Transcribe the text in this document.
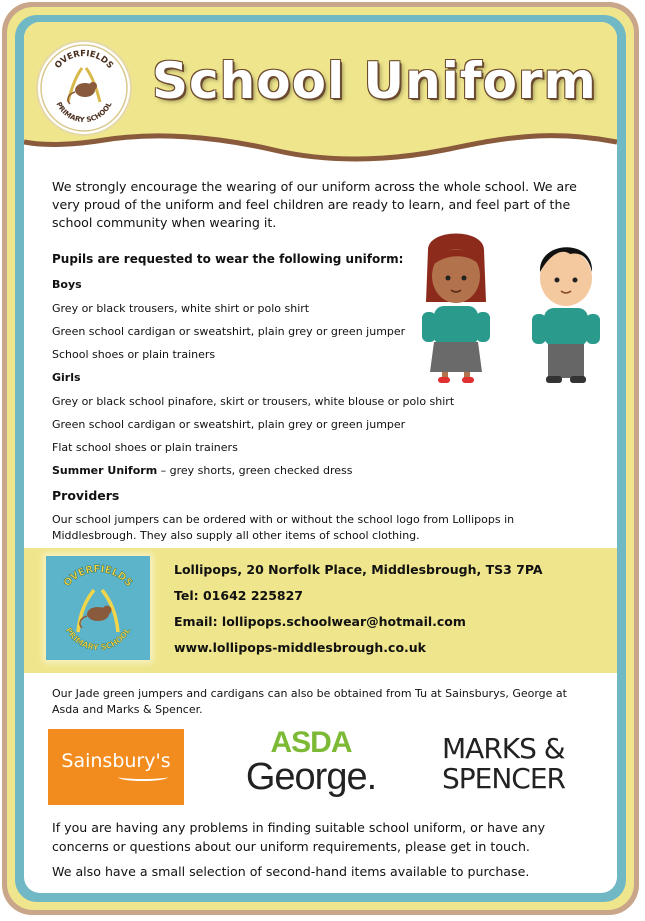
OVERFIELDS
PRIMARY SCHOOL School Uniform
We strongly encourage the wearing of our uniform across the whole school. We are very proud of the uniform and feel children are ready to learn, and feel part of the school community when wearing it.
Pupils are requested to wear the following uniform:
Boys
Grey or black trousers, white shirt or polo shirt
Green school cardigan or sweatshirt, plain grey or green jumper
School shoes or plain trainers
Girls
Grey or black school pinafore, skirt or trousers, white blouse or polo shirt
Green school cardigan or sweatshirt, plain grey or green jumper
Flat school shoes or plain trainers
Summer Uniform – grey shorts, green checked dress
Providers
Our school jumpers can be ordered with or without the school logo from Lollipops in Middlesbrough. They also supply all other items of school clothing.
OVERFIELDS
PRIMARY SCHOOL
Lollipops, 20 Norfolk Place, Middlesbrough, TS3 7PA
Tel: 01642 225827
Email: lollipops.schoolwear@hotmail.com
www.lollipops-middlesbrough.co.uk
Our Jade green jumpers and cardigans can also be obtained from Tu at Sainsburys, George at Asda and Marks & Spencer.
Sainsbury's
ASDA
George.
MARKS &
SPENCER
If you are having any problems in finding suitable school uniform, or have any concerns or questions about our uniform requirements, please get in touch.
We also have a small selection of second-hand items available to purchase.
